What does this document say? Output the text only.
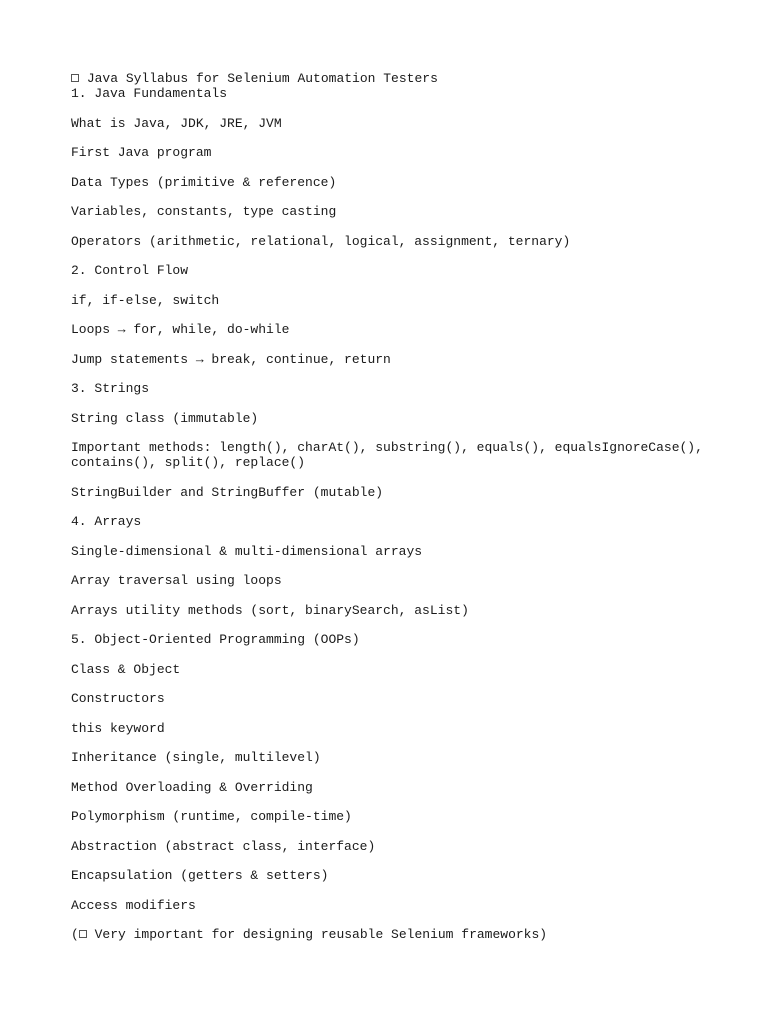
Java Syllabus for Selenium Automation Testers

1. Java Fundamentals

What is Java, JDK, JRE, JVM

First Java program

Data Types (primitive & reference)

Variables, constants, type casting

Operators (arithmetic, relational, logical, assignment, ternary)

2. Control Flow

if, if-else, switch

Loops → for, while, do-while

Jump statements → break, continue, return

3. Strings

String class (immutable)

Important methods: length(), charAt(), substring(), equals(), equalsIgnoreCase(),

contains(), split(), replace()

StringBuilder and StringBuffer (mutable)

4. Arrays

Single-dimensional & multi-dimensional arrays

Array traversal using loops

Arrays utility methods (sort, binarySearch, asList)

5. Object-Oriented Programming (OOPs)

Class & Object

Constructors

this keyword

Inheritance (single, multilevel)

Method Overloading & Overriding

Polymorphism (runtime, compile-time)

Abstraction (abstract class, interface)

Encapsulation (getters & setters)

Access modifiers

( Very important for designing reusable Selenium frameworks)
